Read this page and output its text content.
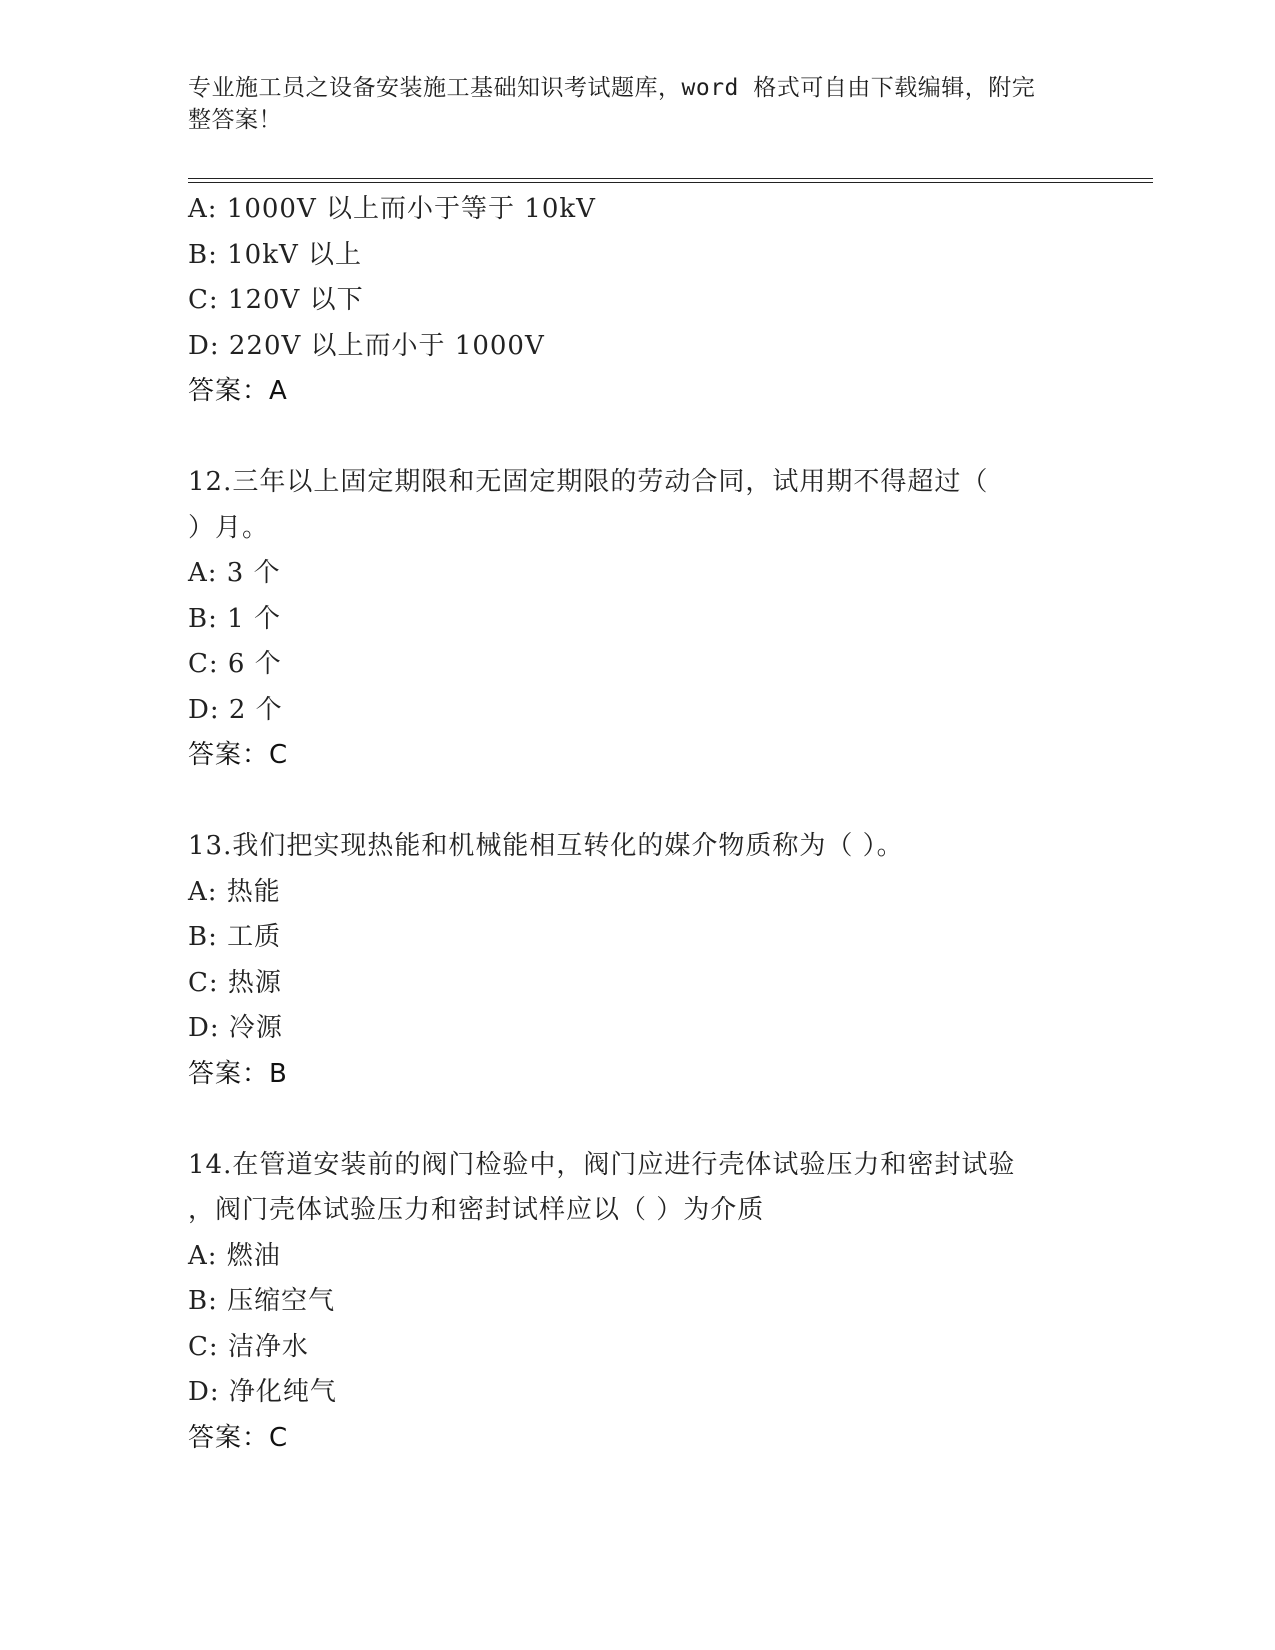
专业施工员之设备安装施工基础知识考试题库，word 格式可自由下载编辑，附完
整答案！
A: 1000V 以上而小于等于 10kV
B: 10kV 以上
C: 120V 以下
D: 220V 以上而小于 1000V
答案：A
12.三年以上固定期限和无固定期限的劳动合同，试用期不得超过（
）月。
A: 3 个
B: 1 个
C: 6 个
D: 2 个
答案：C
13.我们把实现热能和机械能相互转化的媒介物质称为（ ）。
A: 热能
B: 工质
C: 热源
D: 冷源
答案：B
14.在管道安装前的阀门检验中，阀门应进行壳体试验压力和密封试验
，阀门壳体试验压力和密封试样应以（ ）为介质
A: 燃油
B: 压缩空气
C: 洁净水
D: 净化纯气
答案：C
